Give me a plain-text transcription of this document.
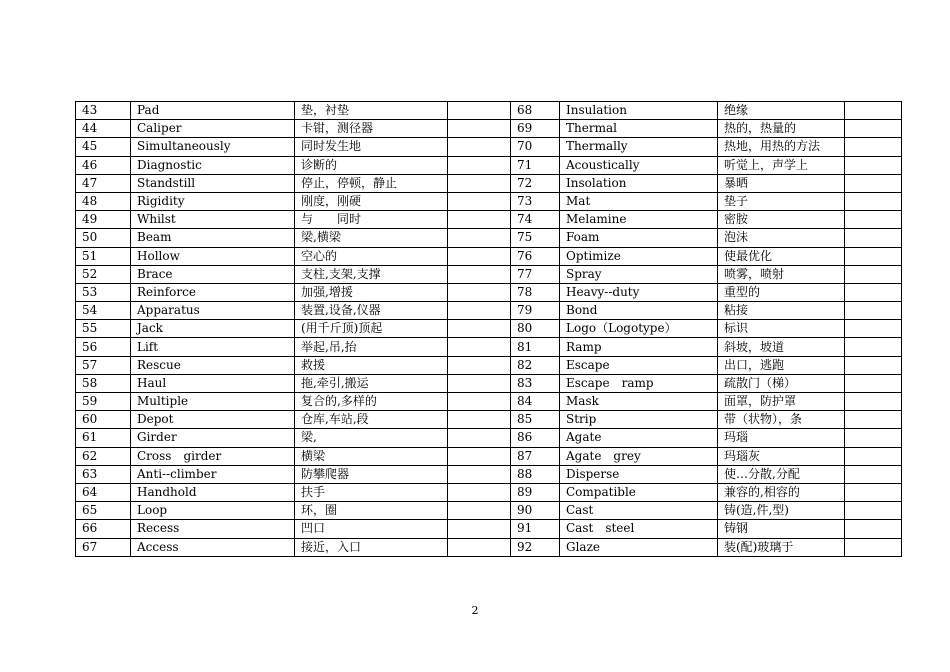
43	Pad	垫，衬垫		68	Insulation	绝缘	
44	Caliper	卡钳，测径器		69	Thermal	热的，热量的	
45	Simultaneously	同时发生地		70	Thermally	热地，用热的方法	
46	Diagnostic	诊断的		71	Acoustically	听觉上，声学上	
47	Standstill	停止，停顿，静止		72	Insolation	暴晒	
48	Rigidity	刚度，刚硬		73	Mat	垫子	
49	Whilst	与　　同时		74	Melamine	密胺	
50	Beam	梁,横梁		75	Foam	泡沫	
51	Hollow	空心的		76	Optimize	使最优化	
52	Brace	支柱,支架,支撑		77	Spray	喷雾，喷射	
53	Reinforce	加强,增援		78	Heavy--duty	重型的	
54	Apparatus	装置,设备,仪器		79	Bond	粘接	
55	Jack	(用千斤顶)顶起		80	Logo（Logotype）	标识	
56	Lift	举起,吊,抬		81	Ramp	斜坡，坡道	
57	Rescue	救援		82	Escape	出口，逃跑	
58	Haul	拖,牵引,搬运		83	Escape　ramp	疏散门（梯）	
59	Multiple	复合的,多样的		84	Mask	面罩，防护罩	
60	Depot	仓库,车站,段		85	Strip	带（状物），条	
61	Girder	梁,		86	Agate	玛瑙	
62	Cross　girder	横梁		87	Agate　grey	玛瑙灰	
63	Anti--climber	防攀爬器		88	Disperse	使…分散,分配	
64	Handhold	扶手		89	Compatible	兼容的,相容的	
65	Loop	环，圈		90	Cast	铸(造,件,型)	
66	Recess	凹口		91	Cast　steel	铸钢	
67	Access	接近，入口		92	Glaze	装(配)玻璃于	
2
